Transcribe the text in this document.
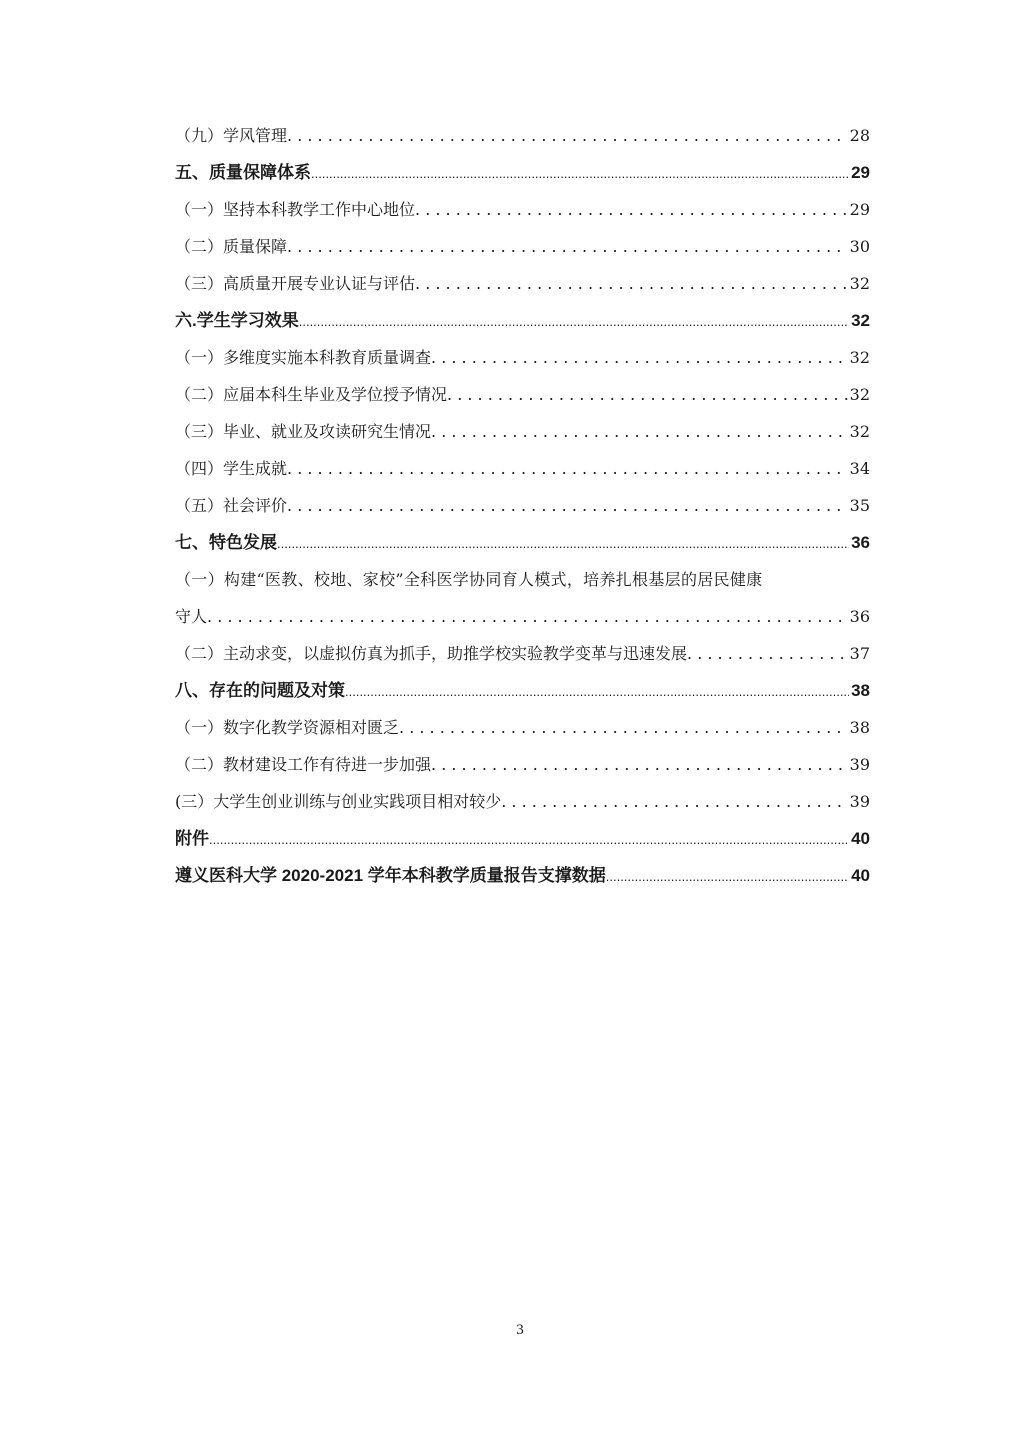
（九）学风管理 . . .	28
五、质量保障体系 .....	29
（一）坚持本科教学工作中心地位 . . .	29
（二）质量保障 . . .	30
（三）高质量开展专业认证与评估 . . .	32
六.学生学习效果 .....	32
（一）多维度实施本科教育质量调查 . . .	32
（二）应届本科生毕业及学位授予情况 . . .	32
（三）毕业、就业及攻读研究生情况 . . .	32
（四）学生成就 . . .	34
（五）社会评价 . . .	35
七、特色发展 .....	36
（一）构建“医教、校地、家校”全科医学协同育人模式，培养扎根基层的居民健康
守人 . . .	36
（二）主动求变，以虚拟仿真为抓手，助推学校实验教学变革与迅速发展 . . .	37
八、存在的问题及对策 .....	38
（一）数字化教学资源相对匮乏 . . .	38
（二）教材建设工作有待进一步加强 . . .	39
(三）大学生创业训练与创业实践项目相对较少 . . .	39
附件 .....	40
遵义医科大学 2020-2021 学年本科教学质量报告支撑数据 .....	40
3
